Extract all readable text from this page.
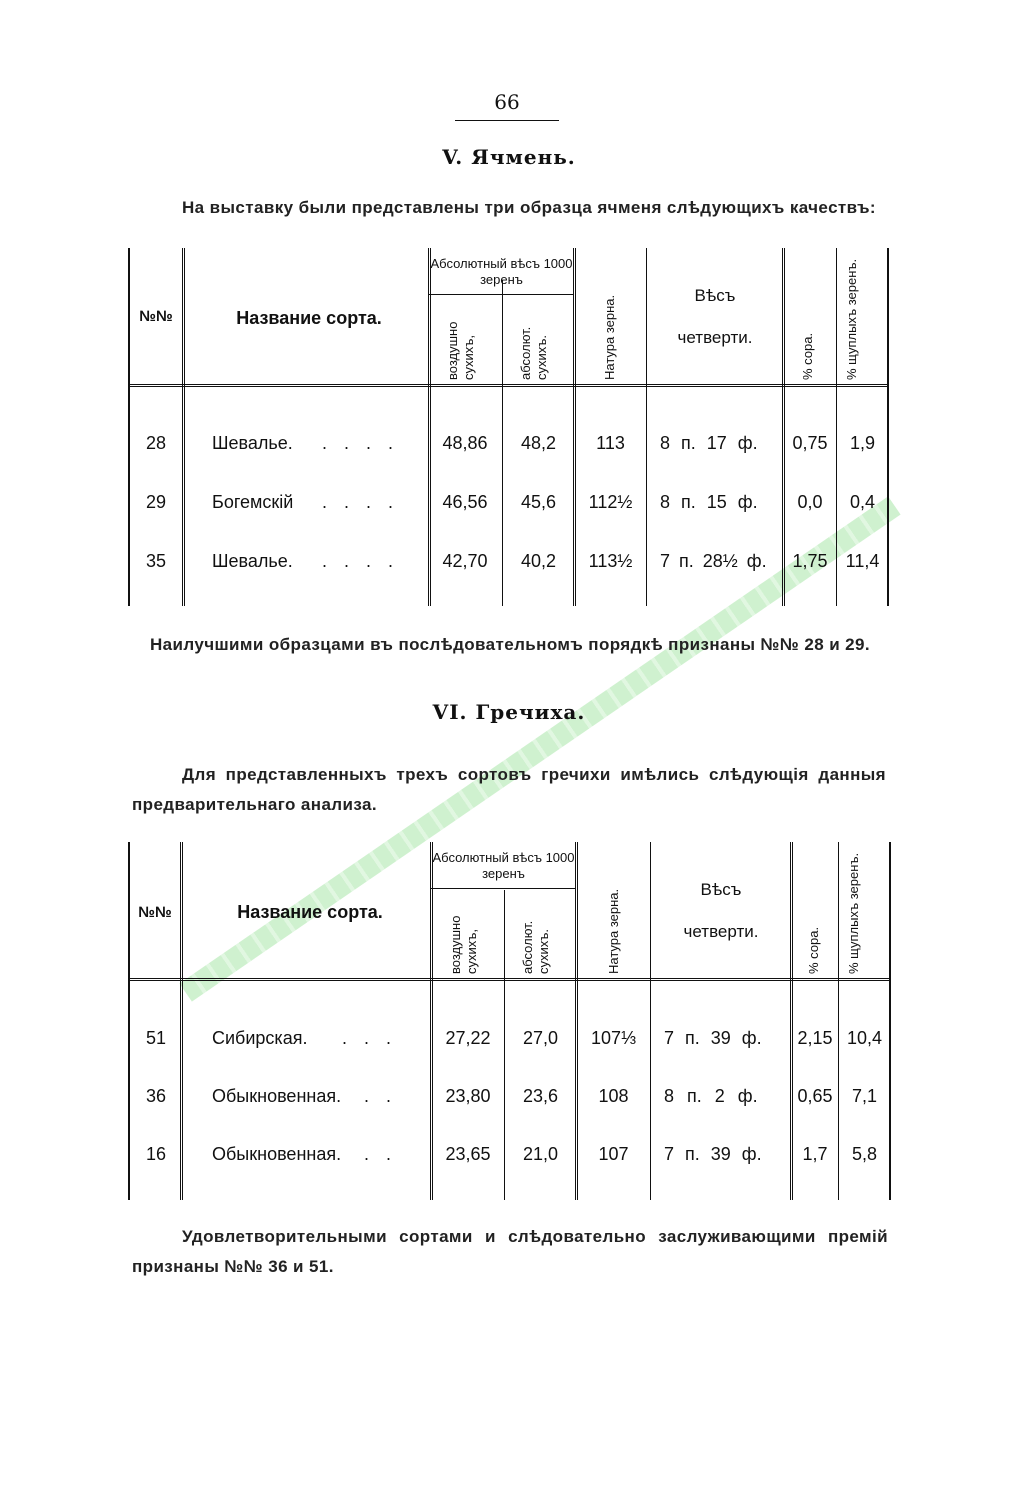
66
V. Ячмень.
На выставку были представлены три образца ячменя слѣдующихъ качествъ:
№№	Название сорта.
Абсолютный вѣсъ 1000 зеренъ
воздушно сухихъ,	абсолют. сухихъ.	Натура зерна.	Вѣсъ
четверти.	% сора. % щуплыхъ зеренъ.
28	Шевалье. . . . .	48,86	48,2	113	8 п. 17 ф.	0,75	1,9
29	Богемскій . . . .	46,56	45,6	112½	8 п. 15 ф.	0,0	0,4
35	Шевалье. . . . .	42,70	40,2	113½	7 п. 28½ ф.	1,75	11,4
Наилучшими образцами въ послѣдовательномъ порядкѣ признаны №№ 28 и 29.
VI. Гречиха.
Для представленныхъ трехъ сортовъ гречихи имѣлись слѣдующія данныя предварительнаго анализа.
№№	Название сорта.
Абсолютный вѣсъ 1000 зеренъ
воздушно сухихъ,	абсолют. сухихъ.	Натура зерна.	Вѣсъ
четверти.	% сора. % щуплыхъ зеренъ.
51	Сибирская. . . .	27,22	27,0	107⅓	7 п. 39 ф.	2,15 10,4
36	Обыкновенная. . .	23,80	23,6	108	8 п. 2 ф.	0,65	7,1
16	Обыкновенная. . .	23,65	21,0	107	7 п. 39 ф.	1,7	5,8
Удовлетворительными сортами и слѣдовательно заслуживающими премій признаны №№ 36 и 51.
